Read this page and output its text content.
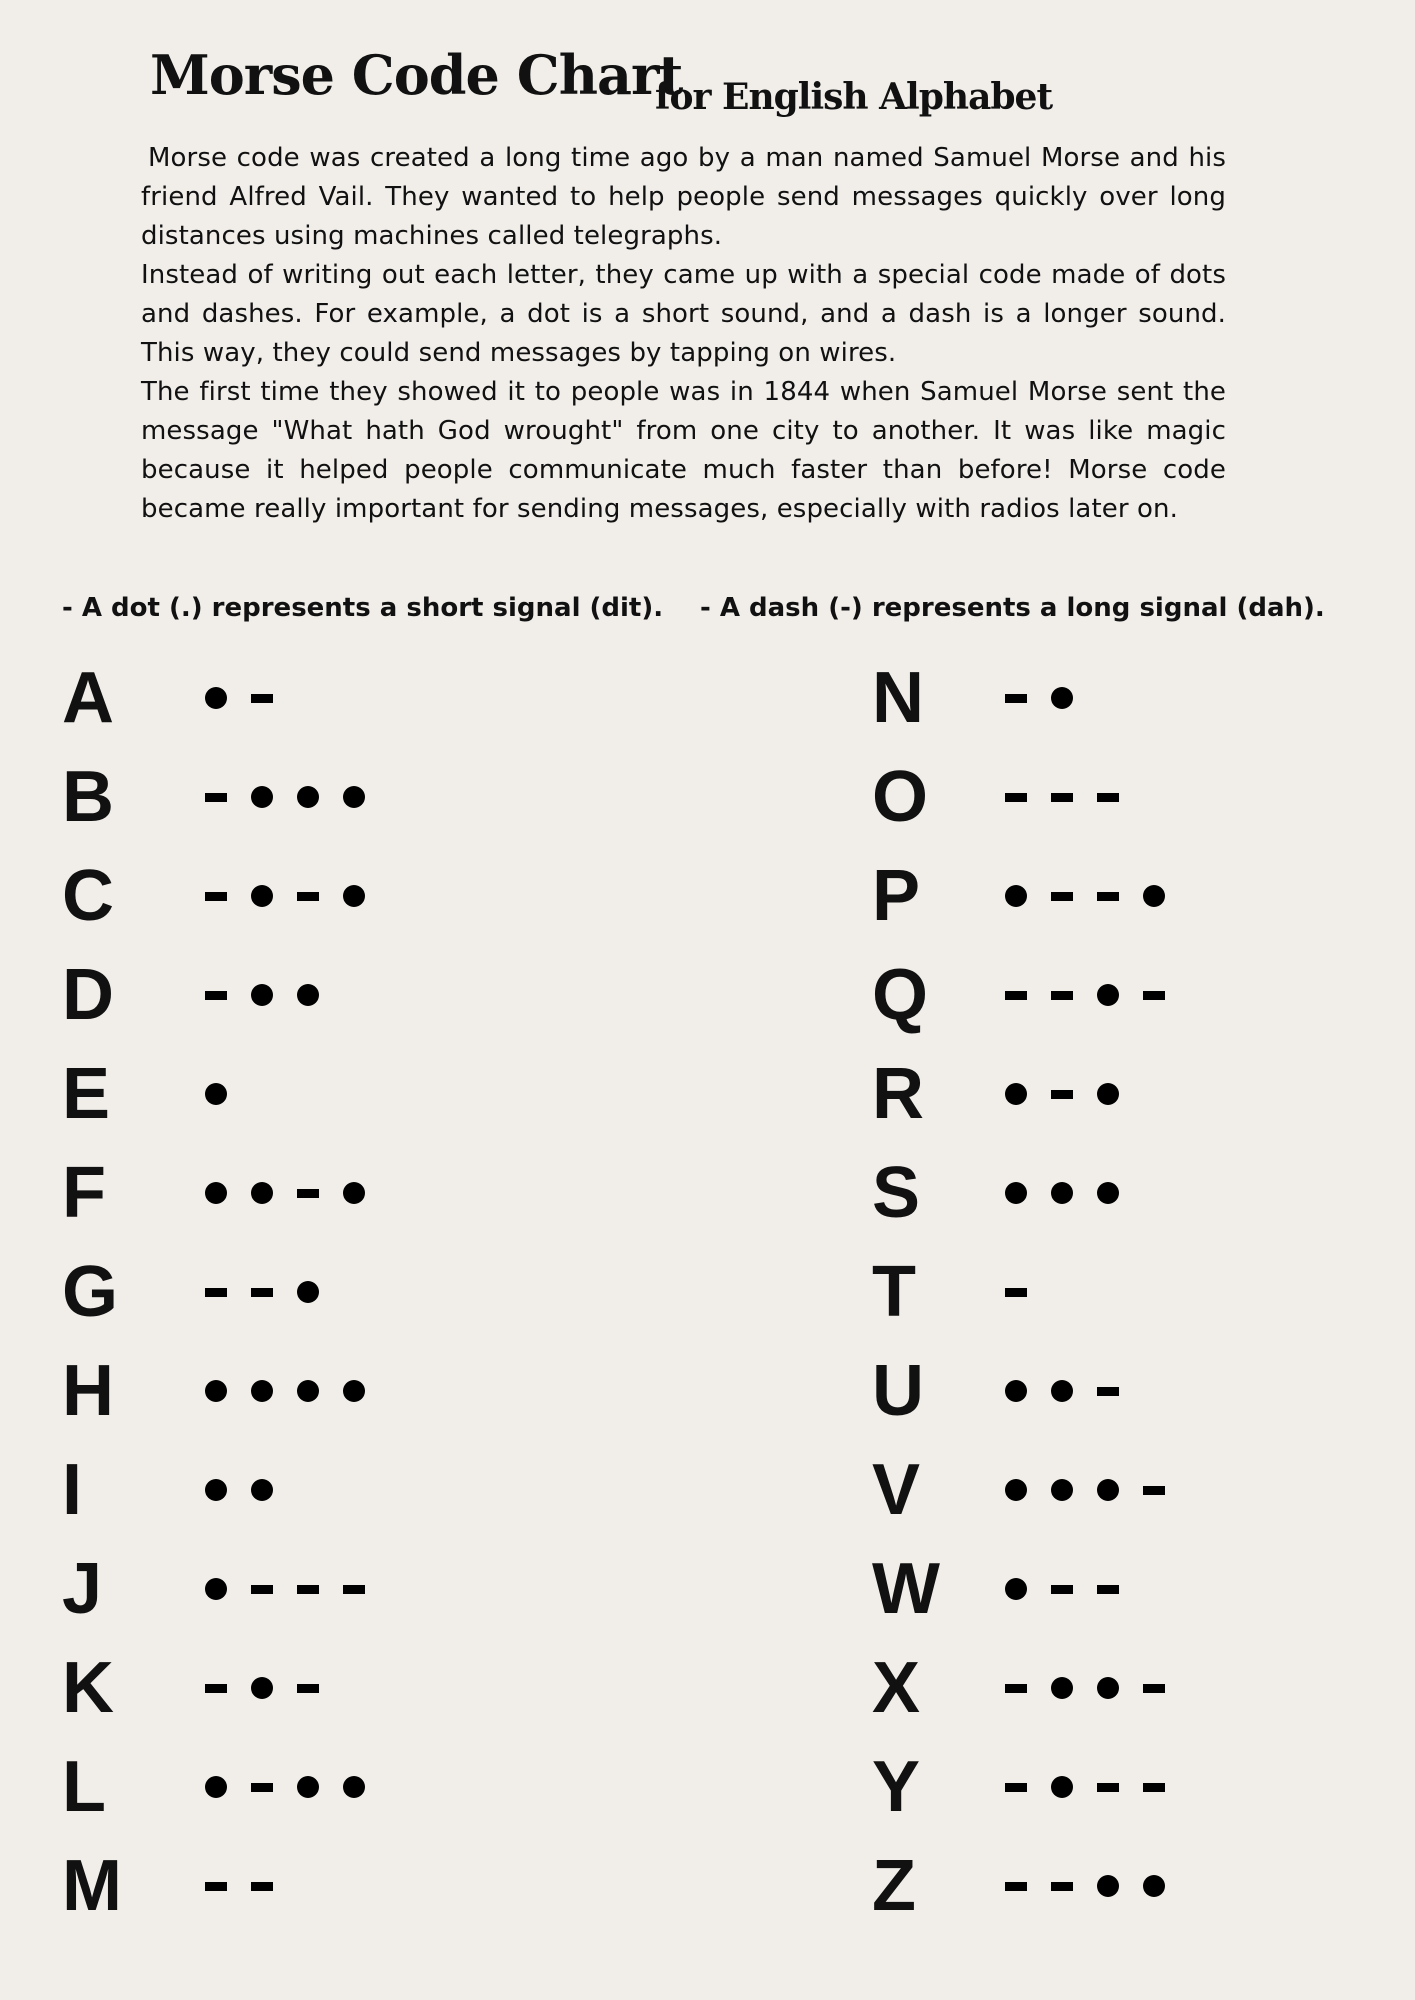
Morse Code Chart
for English Alphabet

Morse code was created a long time ago by a man named Samuel Morse and his friend Alfred Vail. They wanted to help people send messages quickly over long distances using machines called telegraphs.

Instead of writing out each letter, they came up with a special code made of dots and dashes. For example, a dot is a short sound, and a dash is a longer sound. This way, they could send messages by tapping on wires.

The first time they showed it to people was in 1844 when Samuel Morse sent the message "What hath God wrought" from one city to another. It was like magic because it helped people communicate much faster than before! Morse code became really important for sending messages, especially with radios later on.

- A dot (.) represents a short signal (dit). - A dash (-) represents a long signal (dah).

A
B
C
D
E
F
G
H
I
J
K
L
M
N
O
P
Q
R
S
T
U
V
W
X
Y
Z
